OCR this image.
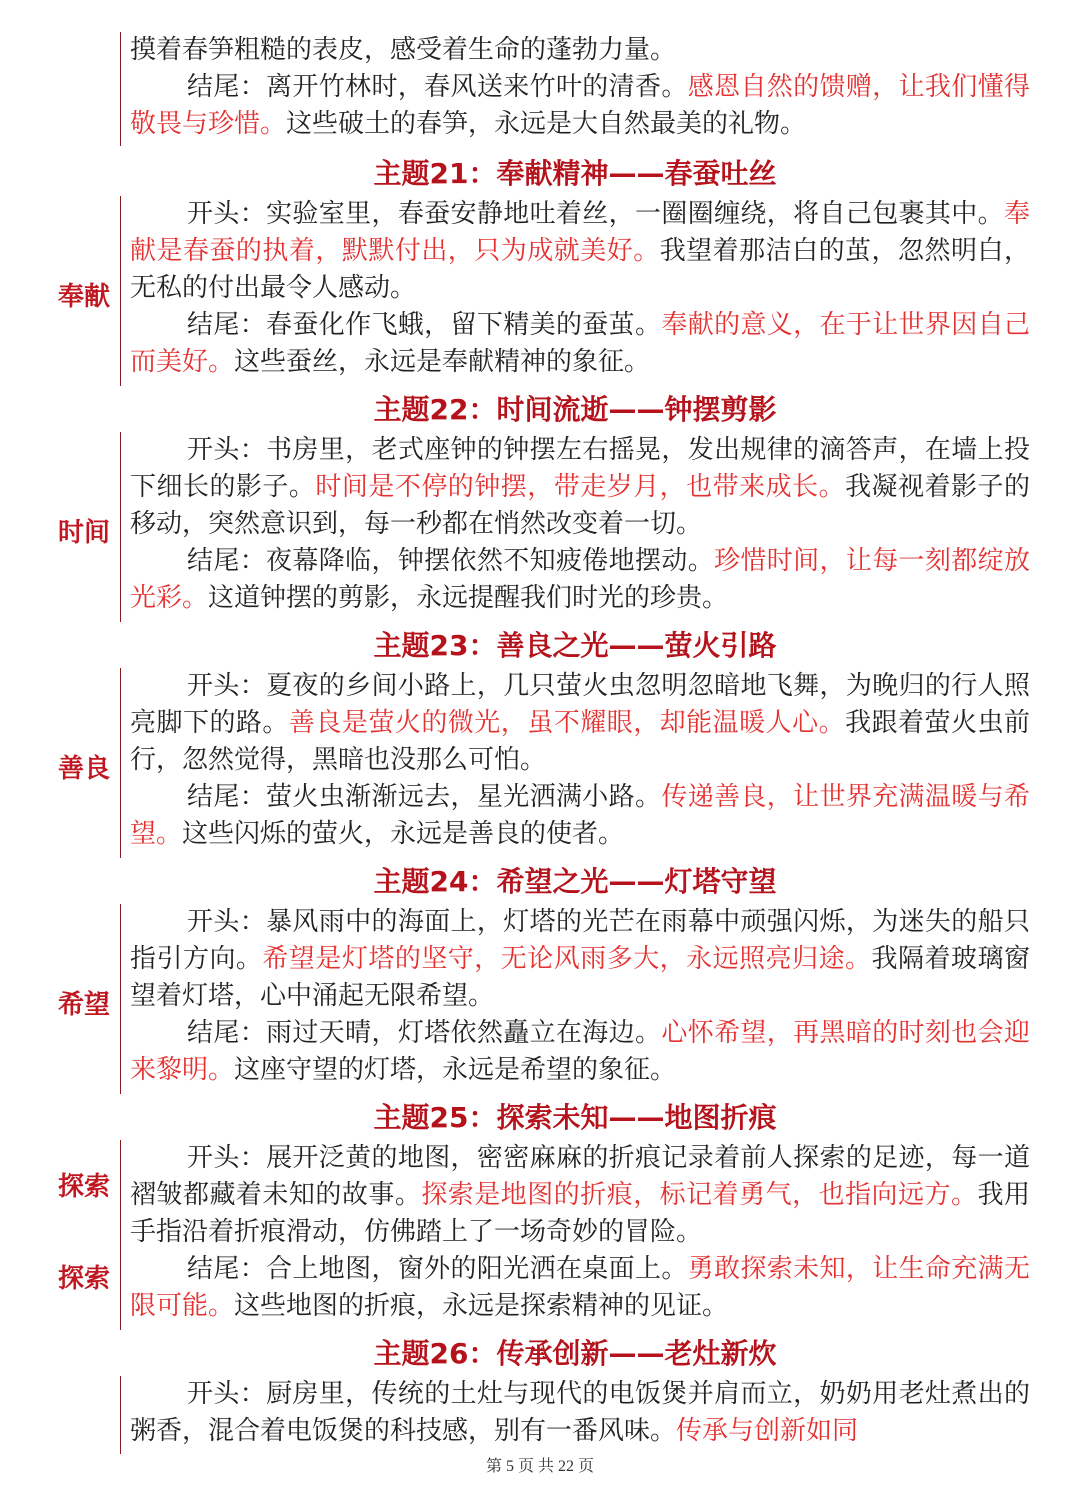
摸着春笋粗糙的表皮，感受着生命的蓬勃力量。

结尾：离开竹林时，春风送来竹叶的清香。感恩自然的馈赠，让我们懂得敬畏与珍惜。这些破土的春笋，永远是大自然最美的礼物。

主题21：奉献精神——春蚕吐丝
奉献

开头：实验室里，春蚕安静地吐着丝，一圈圈缠绕，将自己包裹其中。奉献是春蚕的执着，默默付出，只为成就美好。我望着那洁白的茧，忽然明白，无私的付出最令人感动。

结尾：春蚕化作飞蛾，留下精美的蚕茧。奉献的意义，在于让世界因自己而美好。这些蚕丝，永远是奉献精神的象征。

主题22：时间流逝——钟摆剪影
时间

开头：书房里，老式座钟的钟摆左右摇晃，发出规律的滴答声，在墙上投下细长的影子。时间是不停的钟摆，带走岁月，也带来成长。我凝视着影子的移动，突然意识到，每一秒都在悄然改变着一切。

结尾：夜幕降临，钟摆依然不知疲倦地摆动。珍惜时间，让每一刻都绽放光彩。这道钟摆的剪影，永远提醒我们时光的珍贵。

主题23：善良之光——萤火引路
善良

开头：夏夜的乡间小路上，几只萤火虫忽明忽暗地飞舞，为晚归的行人照亮脚下的路。善良是萤火的微光，虽不耀眼，却能温暖人心。我跟着萤火虫前行，忽然觉得，黑暗也没那么可怕。

结尾：萤火虫渐渐远去，星光洒满小路。传递善良，让世界充满温暖与希望。这些闪烁的萤火，永远是善良的使者。

主题24：希望之光——灯塔守望
希望

开头：暴风雨中的海面上，灯塔的光芒在雨幕中顽强闪烁，为迷失的船只指引方向。希望是灯塔的坚守，无论风雨多大，永远照亮归途。我隔着玻璃窗望着灯塔，心中涌起无限希望。

结尾：雨过天晴，灯塔依然矗立在海边。心怀希望，再黑暗的时刻也会迎来黎明。这座守望的灯塔，永远是希望的象征。

主题25：探索未知——地图折痕
探索
探索

开头：展开泛黄的地图，密密麻麻的折痕记录着前人探索的足迹，每一道褶皱都藏着未知的故事。探索是地图的折痕，标记着勇气，也指向远方。我用手指沿着折痕滑动，仿佛踏上了一场奇妙的冒险。

结尾：合上地图，窗外的阳光洒在桌面上。勇敢探索未知，让生命充满无限可能。这些地图的折痕，永远是探索精神的见证。

主题26：传承创新——老灶新炊

开头：厨房里，传统的土灶与现代的电饭煲并肩而立，奶奶用老灶煮出的粥香，混合着电饭煲的科技感，别有一番风味。传承与创新如同

第 5 页 共 22 页
